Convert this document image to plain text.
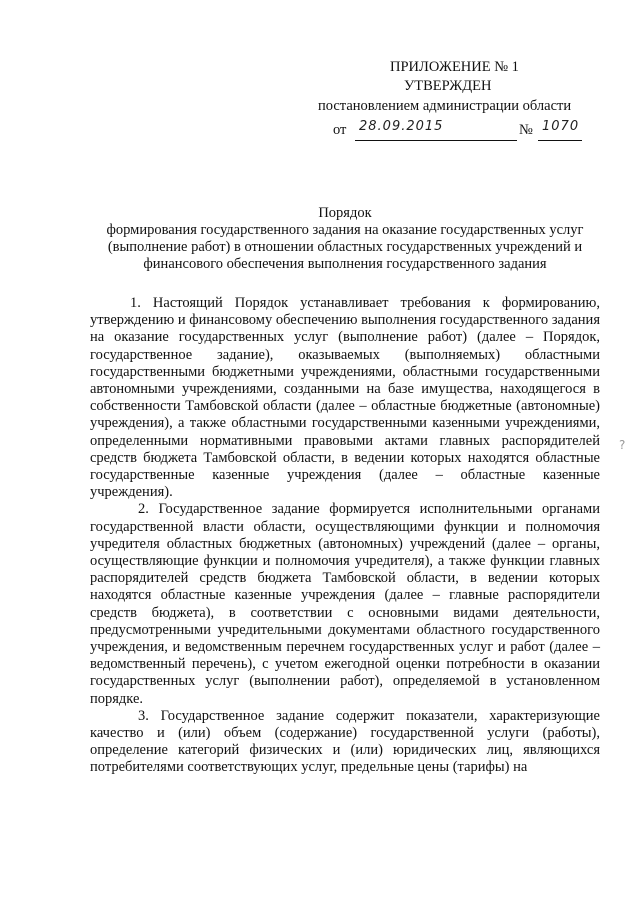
ПРИЛОЖЕНИЕ № 1
УТВЕРЖДЕН
постановлением администрации области
от 28.09.2015	№ 1070
Порядок
формирования государственного задания на оказание государственных услуг (выполнение работ) в отношении областных государственных учреждений и финансового обеспечения выполнения государственного задания

1. Настоящий Порядок устанавливает требования к формированию, утверждению и финансовому обеспечению выполнения государственного задания на оказание государственных услуг (выполнение работ) (далее – Порядок, государственное задание), оказываемых (выполняемых) областными государственными бюджетными учреждениями, областными государственными автономными учреждениями, созданными на базе имущества, находящегося в собственности Тамбовской области (далее – областные бюджетные (автономные) учреждения), а также областными государственными казенными учреждениями, определенными нормативными правовыми актами главных распорядителей средств бюджета Тамбовской области, в ведении которых находятся областные государственные казенные учреждения (далее – областные казенные учреждения).

2. Государственное задание формируется исполнительными органами государственной власти области, осуществляющими функции и полномочия учредителя областных бюджетных (автономных) учреждений (далее – органы, осуществляющие функции и полномочия учредителя), а также функции главных распорядителей средств бюджета Тамбовской области, в ведении которых находятся областные казенные учреждения (далее – главные распорядители средств бюджета), в соответствии с основными видами деятельности, предусмотренными учредительными документами областного государственного учреждения, и ведомственным перечнем государственных услуг и работ (далее – ведомственный перечень), с учетом ежегодной оценки потребности в оказании государственных услуг (выполнении работ), определяемой в установленном порядке.

3. Государственное задание содержит показатели, характеризующие качество и (или) объем (содержание) государственной услуги (работы), определение категорий физических и (или) юридических лиц, являющихся потребителями соответствующих услуг, предельные цены (тарифы) на

?
